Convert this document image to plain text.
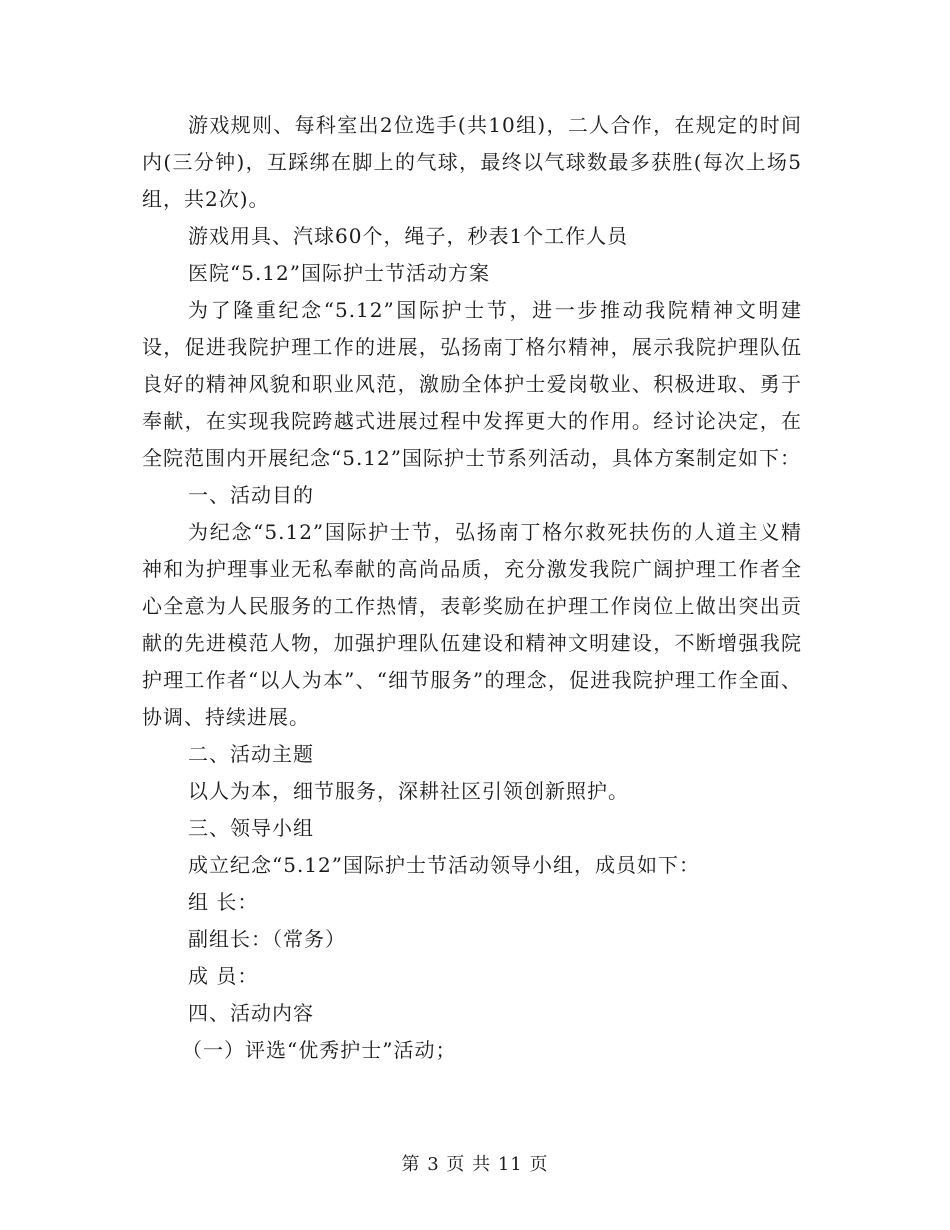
游戏规则、每科室出2位选手(共10组)，二人合作，在规定的时间内(三分钟)，互踩绑在脚上的气球，最终以气球数最多获胜(每次上场5组，共2次)。

游戏用具、汽球60个，绳子，秒表1个工作人员

医院“5.12”国际护士节活动方案

为了隆重纪念“5.12”国际护士节，进一步推动我院精神文明建设，促进我院护理工作的进展，弘扬南丁格尔精神，展示我院护理队伍良好的精神风貌和职业风范，激励全体护士爱岗敬业、积极进取、勇于奉献，在实现我院跨越式进展过程中发挥更大的作用。经讨论决定，在全院范围内开展纪念“5.12”国际护士节系列活动，具体方案制定如下：

一、活动目的

为纪念“5.12”国际护士节，弘扬南丁格尔救死扶伤的人道主义精神和为护理事业无私奉献的高尚品质，充分激发我院广阔护理工作者全心全意为人民服务的工作热情，表彰奖励在护理工作岗位上做出突出贡献的先进模范人物，加强护理队伍建设和精神文明建设，不断增强我院护理工作者“以人为本”、“细节服务”的理念，促进我院护理工作全面、协调、持续进展。

二、活动主题

以人为本，细节服务，深耕社区引领创新照护。

三、领导小组

成立纪念“5.12”国际护士节活动领导小组，成员如下：

组 长：

副组长：（常务）

成 员：

四、活动内容

（一）评选“优秀护士”活动；

第 3 页 共 11 页
